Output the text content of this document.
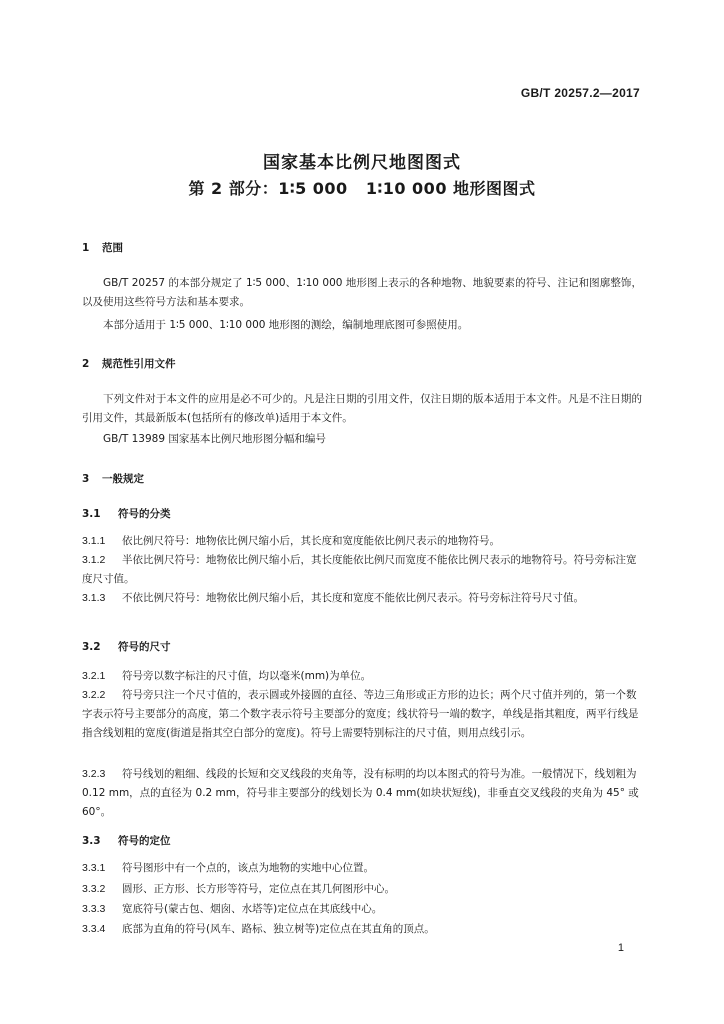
GB/T 20257.2—2017
国家基本比例尺地图图式
第 2 部分：1∶5 000   1∶10 000 地形图图式
1 范围
GB/T 20257 的本部分规定了 1∶5 000、1∶10 000 地形图上表示的各种地物、地貌要素的符号、注记和图廓整饰，以及使用这些符号方法和基本要求。
本部分适用于 1∶5 000、1∶10 000 地形图的测绘，编制地理底图可参照使用。
2 规范性引用文件
下列文件对于本文件的应用是必不可少的。凡是注日期的引用文件，仅注日期的版本适用于本文件。凡是不注日期的引用文件，其最新版本(包括所有的修改单)适用于本文件。
GB/T 13989 国家基本比例尺地形图分幅和编号
3 一般规定
3.1 符号的分类
3.1.1 依比例尺符号：地物依比例尺缩小后，其长度和宽度能依比例尺表示的地物符号。
3.1.2 半依比例尺符号：地物依比例尺缩小后，其长度能依比例尺而宽度不能依比例尺表示的地物符号。符号旁标注宽度尺寸值。
3.1.3 不依比例尺符号：地物依比例尺缩小后，其长度和宽度不能依比例尺表示。符号旁标注符号尺寸值。
3.2 符号的尺寸
3.2.1 符号旁以数字标注的尺寸值，均以毫米(mm)为单位。
3.2.2 符号旁只注一个尺寸值的，表示圆或外接圆的直径、等边三角形或正方形的边长；两个尺寸值并列的，第一个数字表示符号主要部分的高度，第二个数字表示符号主要部分的宽度；线状符号一端的数字，单线是指其粗度，两平行线是指含线划粗的宽度(街道是指其空白部分的宽度)。符号上需要特别标注的尺寸值，则用点线引示。
3.2.3 符号线划的粗细、线段的长短和交叉线段的夹角等，没有标明的均以本图式的符号为准。一般情况下，线划粗为 0.12 mm，点的直径为 0.2 mm，符号非主要部分的线划长为 0.4 mm(如块状短线)，非垂直交叉线段的夹角为 45° 或 60°。
3.3 符号的定位
3.3.1 符号图形中有一个点的，该点为地物的实地中心位置。
3.3.2 圆形、正方形、长方形等符号，定位点在其几何图形中心。
3.3.3 宽底符号(蒙古包、烟囱、水塔等)定位点在其底线中心。
3.3.4 底部为直角的符号(风车、路标、独立树等)定位点在其直角的顶点。
1
